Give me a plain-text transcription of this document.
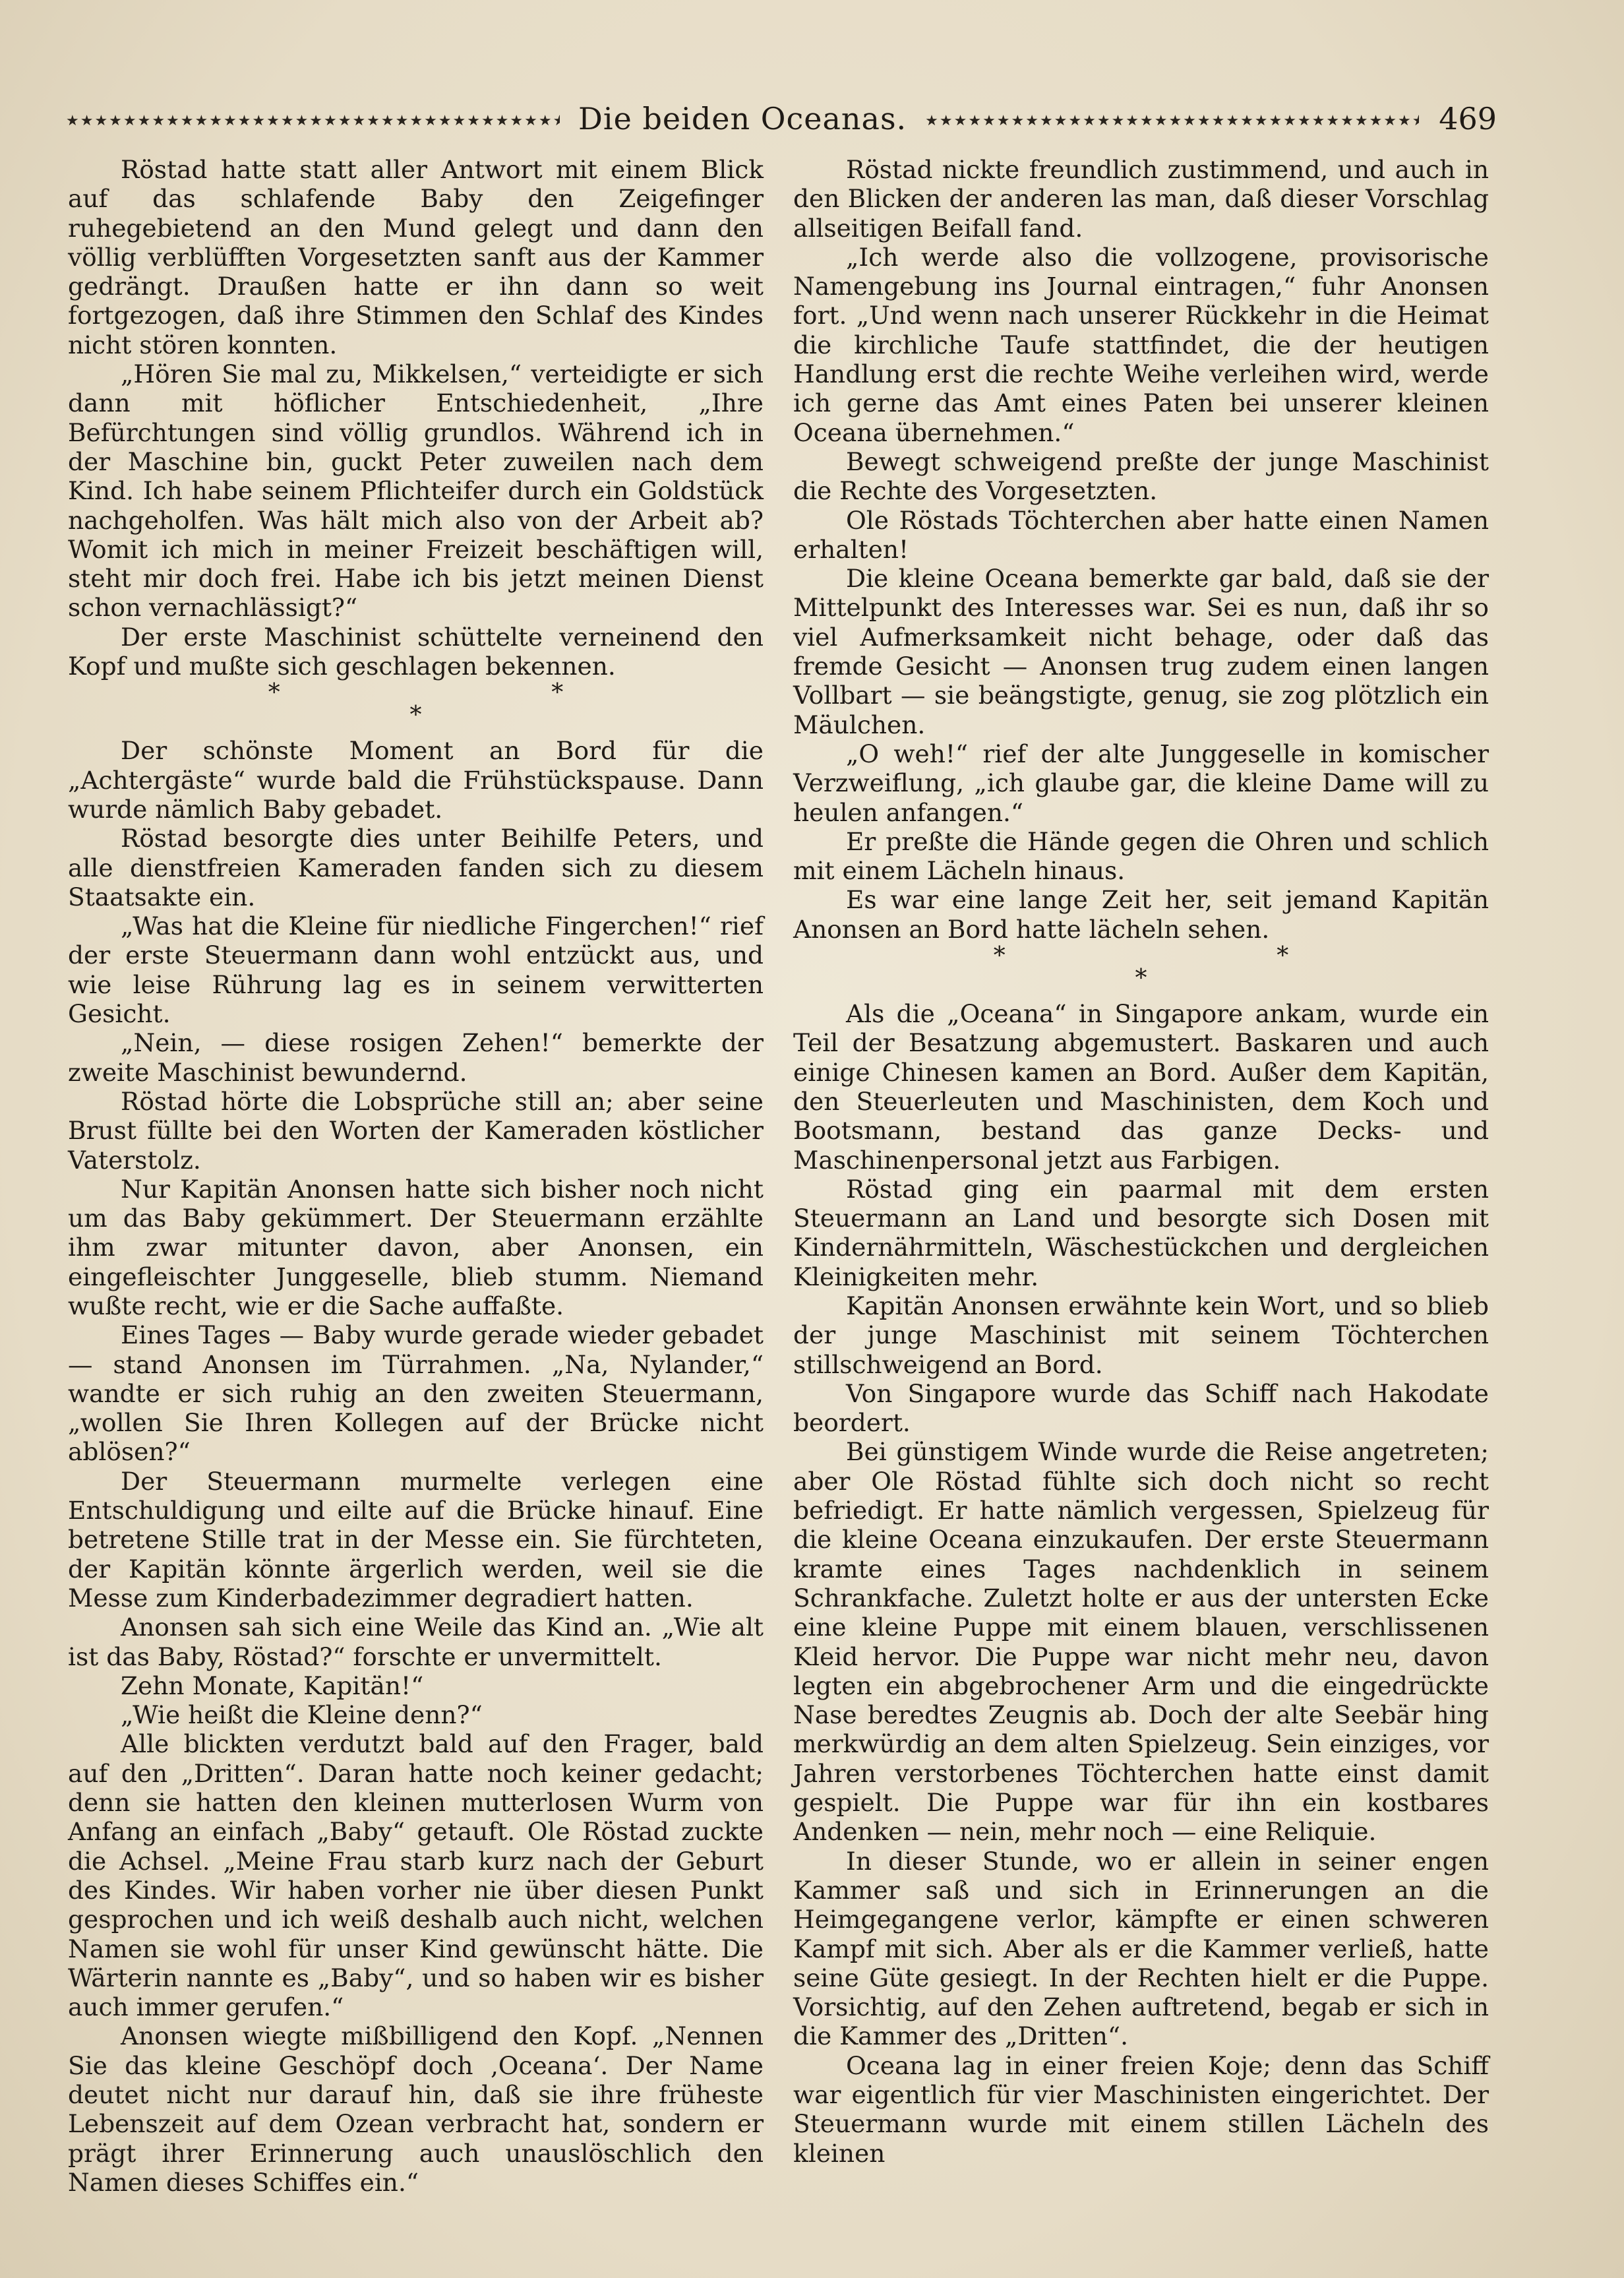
★★★★★★★★★★★★★★★★★★★★★★★★★★★★★★★★★★★★★★★★★★★★★★★★★★★★★★★★★★★★★★
Die beiden Oceanas.
★★★★★★★★★★★★★★★★★★★★★★★★★★★★★★★★★★★★★★★★★★★★★★★★★★★★★★★★★★★★★★	469

Röstad hatte statt aller Antwort mit einem Blick auf das schlafende Baby den Zeigefinger ruhegebietend an den Mund gelegt und dann den völlig verblüfften Vorgesetzten sanft aus der Kammer gedrängt. Draußen hatte er ihn dann so weit fortgezogen, daß ihre Stimmen den Schlaf des Kindes nicht stören konnten.

„Hören Sie mal zu, Mikkelsen,“ verteidigte er sich dann mit höflicher Entschiedenheit, „Ihre Befürchtungen sind völlig grundlos. Während ich in der Maschine bin, guckt Peter zuweilen nach dem Kind. Ich habe seinem Pflichteifer durch ein Goldstück nachgeholfen. Was hält mich also von der Arbeit ab? Womit ich mich in meiner Freizeit beschäftigen will, steht mir doch frei. Habe ich bis jetzt meinen Dienst schon vernachlässigt?“

Der erste Maschinist schüttelte verneinend den Kopf und mußte sich geschlagen bekennen.

* *
*

Der schönste Moment an Bord für die „Achtergäste“ wurde bald die Frühstückspause. Dann wurde nämlich Baby gebadet.

Röstad besorgte dies unter Beihilfe Peters, und alle dienstfreien Kameraden fanden sich zu diesem Staatsakte ein.

„Was hat die Kleine für niedliche Fingerchen!“ rief der erste Steuermann dann wohl entzückt aus, und wie leise Rührung lag es in seinem verwitterten Gesicht.

„Nein, — diese rosigen Zehen!“ bemerkte der zweite Maschinist bewundernd.

Röstad hörte die Lobsprüche still an; aber seine Brust füllte bei den Worten der Kameraden köstlicher Vaterstolz.

Nur Kapitän Anonsen hatte sich bisher noch nicht um das Baby gekümmert. Der Steuermann erzählte ihm zwar mitunter davon, aber Anonsen, ein eingefleischter Junggeselle, blieb stumm. Niemand wußte recht, wie er die Sache auffaßte.

Eines Tages — Baby wurde gerade wieder gebadet — stand Anonsen im Türrahmen. „Na, Nylander,“ wandte er sich ruhig an den zweiten Steuermann, „wollen Sie Ihren Kollegen auf der Brücke nicht ablösen?“

Der Steuermann murmelte verlegen eine Entschuldigung und eilte auf die Brücke hinauf. Eine betretene Stille trat in der Messe ein. Sie fürchteten, der Kapitän könnte ärgerlich werden, weil sie die Messe zum Kinderbadezimmer degradiert hatten.

Anonsen sah sich eine Weile das Kind an. „Wie alt ist das Baby, Röstad?“ forschte er unvermittelt.

Zehn Monate, Kapitän!“

„Wie heißt die Kleine denn?“

Alle blickten verdutzt bald auf den Frager, bald auf den „Dritten“. Daran hatte noch keiner gedacht; denn sie hatten den kleinen mutterlosen Wurm von Anfang an einfach „Baby“ getauft. Ole Röstad zuckte die Achsel. „Meine Frau starb kurz nach der Geburt des Kindes. Wir haben vorher nie über diesen Punkt gesprochen und ich weiß deshalb auch nicht, welchen Namen sie wohl für unser Kind gewünscht hätte. Die Wärterin nannte es „Baby“, und so haben wir es bisher auch immer gerufen.“

Anonsen wiegte mißbilligend den Kopf. „Nennen Sie das kleine Geschöpf doch ‚Oceana‘. Der Name deutet nicht nur darauf hin, daß sie ihre früheste Lebenszeit auf dem Ozean verbracht hat, sondern er prägt ihrer Erinnerung auch unauslöschlich den Namen dieses Schiffes ein.“

Röstad nickte freundlich zustimmend, und auch in den Blicken der anderen las man, daß dieser Vorschlag allseitigen Beifall fand.

„Ich werde also die vollzogene, provisorische Namengebung ins Journal eintragen,“ fuhr Anonsen fort. „Und wenn nach unserer Rückkehr in die Heimat die kirchliche Taufe stattfindet, die der heutigen Handlung erst die rechte Weihe verleihen wird, werde ich gerne das Amt eines Paten bei unserer kleinen Oceana übernehmen.“

Bewegt schweigend preßte der junge Maschinist die Rechte des Vorgesetzten.

Ole Röstads Töchterchen aber hatte einen Namen erhalten!

Die kleine Oceana bemerkte gar bald, daß sie der Mittelpunkt des Interesses war. Sei es nun, daß ihr so viel Aufmerksamkeit nicht behage, oder daß das fremde Gesicht — Anonsen trug zudem einen langen Vollbart — sie beängstigte, genug, sie zog plötzlich ein Mäulchen.

„O weh!“ rief der alte Junggeselle in komischer Verzweiflung, „ich glaube gar, die kleine Dame will zu heulen anfangen.“

Er preßte die Hände gegen die Ohren und schlich mit einem Lächeln hinaus.

Es war eine lange Zeit her, seit jemand Kapitän Anonsen an Bord hatte lächeln sehen.

* *
*

Als die „Oceana“ in Singapore ankam, wurde ein Teil der Besatzung abgemustert. Baskaren und auch einige Chinesen kamen an Bord. Außer dem Kapitän, den Steuerleuten und Maschinisten, dem Koch und Bootsmann, bestand das ganze Decks- und Maschinenpersonal jetzt aus Farbigen.

Röstad ging ein paarmal mit dem ersten Steuermann an Land und besorgte sich Dosen mit Kindernährmitteln, Wäschestückchen und dergleichen Kleinigkeiten mehr.

Kapitän Anonsen erwähnte kein Wort, und so blieb der junge Maschinist mit seinem Töchterchen stillschweigend an Bord.

Von Singapore wurde das Schiff nach Hakodate beordert.

Bei günstigem Winde wurde die Reise angetreten; aber Ole Röstad fühlte sich doch nicht so recht befriedigt. Er hatte nämlich vergessen, Spielzeug für die kleine Oceana einzukaufen. Der erste Steuermann kramte eines Tages nachdenklich in seinem Schrankfache. Zuletzt holte er aus der untersten Ecke eine kleine Puppe mit einem blauen, verschlissenen Kleid hervor. Die Puppe war nicht mehr neu, davon legten ein abgebrochener Arm und die eingedrückte Nase beredtes Zeugnis ab. Doch der alte Seebär hing merkwürdig an dem alten Spielzeug. Sein einziges, vor Jahren verstorbenes Töchterchen hatte einst damit gespielt. Die Puppe war für ihn ein kostbares Andenken — nein, mehr noch — eine Reliquie.

In dieser Stunde, wo er allein in seiner engen Kammer saß und sich in Erinnerungen an die Heimgegangene verlor, kämpfte er einen schweren Kampf mit sich. Aber als er die Kammer verließ, hatte seine Güte gesiegt. In der Rechten hielt er die Puppe. Vorsichtig, auf den Zehen auftretend, begab er sich in die Kammer des „Dritten“.

Oceana lag in einer freien Koje; denn das Schiff war eigentlich für vier Maschinisten eingerichtet. Der Steuermann wurde mit einem stillen Lächeln des kleinen
